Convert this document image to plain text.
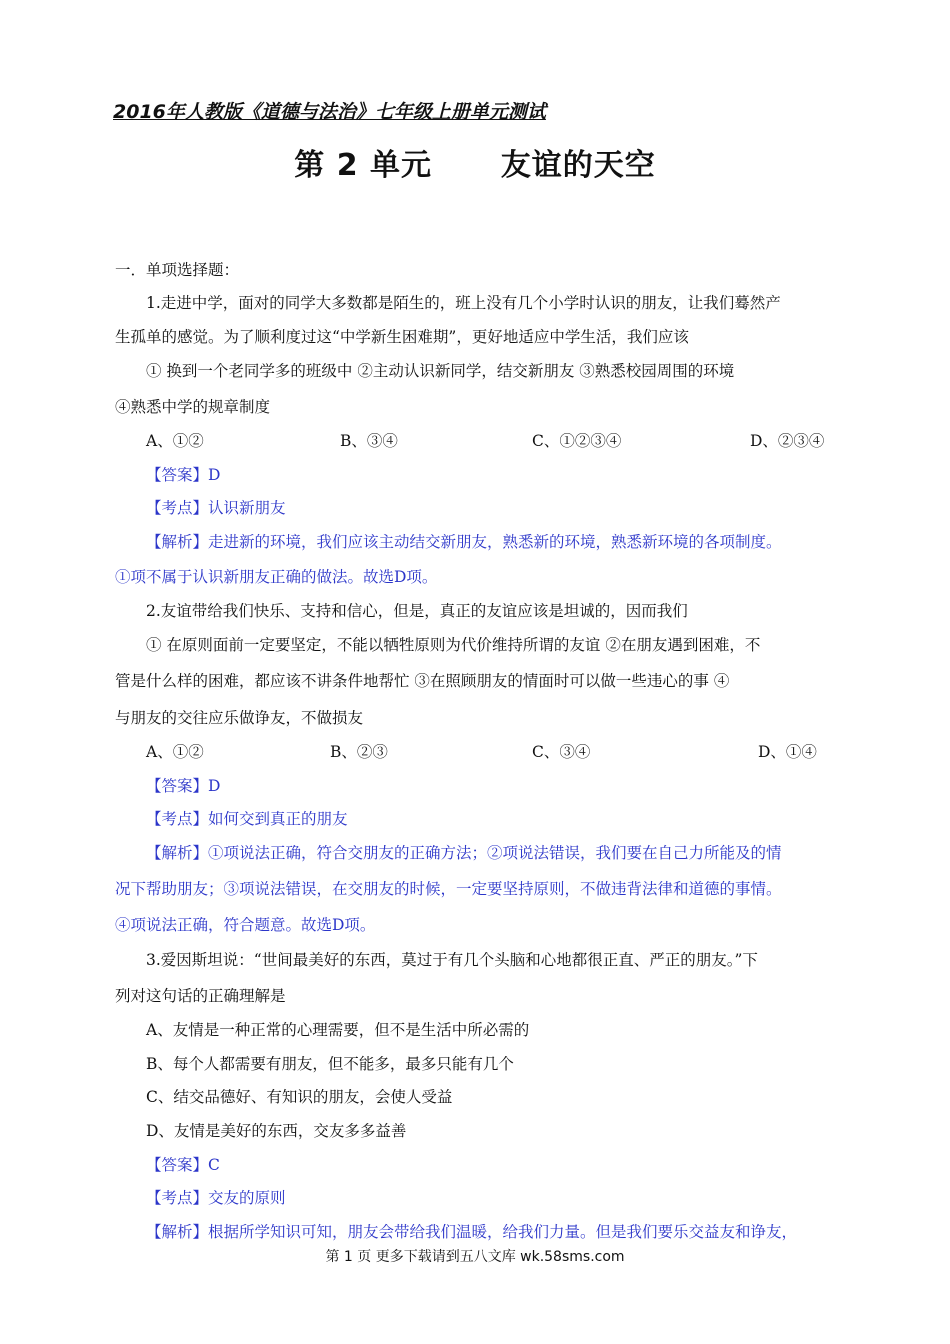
2016年人教版《道德与法治》七年级上册单元测试
第 2 单元      友谊的天空
一．单项选择题：
1.走进中学，面对的同学大多数都是陌生的，班上没有几个小学时认识的朋友，让我们蓦然产
生孤单的感觉。为了顺利度过这“中学新生困难期”，更好地适应中学生活，我们应该
① 换到一个老同学多的班级中 ②主动认识新同学，结交新朋友 ③熟悉校园周围的环境
④熟悉中学的规章制度
A、①②	B、③④	C、①②③④	D、②③④
【答案】D
【考点】认识新朋友
【解析】走进新的环境，我们应该主动结交新朋友，熟悉新的环境，熟悉新环境的各项制度。
①项不属于认识新朋友正确的做法。故选D项。
2.友谊带给我们快乐、支持和信心，但是，真正的友谊应该是坦诚的，因而我们
① 在原则面前一定要坚定，不能以牺牲原则为代价维持所谓的友谊 ②在朋友遇到困难，不
管是什么样的困难，都应该不讲条件地帮忙 ③在照顾朋友的情面时可以做一些违心的事 ④
与朋友的交往应乐做诤友，不做损友
A、①②	B、②③	C、③④	D、①④
【答案】D
【考点】如何交到真正的朋友
【解析】①项说法正确，符合交朋友的正确方法；②项说法错误，我们要在自己力所能及的情
况下帮助朋友；③项说法错误，在交朋友的时候，一定要坚持原则，不做违背法律和道德的事情。
④项说法正确，符合题意。故选D项。
3.爱因斯坦说：“世间最美好的东西，莫过于有几个头脑和心地都很正直、严正的朋友。”下
列对这句话的正确理解是
A、友情是一种正常的心理需要，但不是生活中所必需的
B、每个人都需要有朋友，但不能多，最多只能有几个
C、结交品德好、有知识的朋友，会使人受益
D、友情是美好的东西，交友多多益善
【答案】C
【考点】交友的原则
【解析】根据所学知识可知，朋友会带给我们温暖，给我们力量。但是我们要乐交益友和诤友，
第 1 页 更多下载请到五八文库 wk.58sms.com
